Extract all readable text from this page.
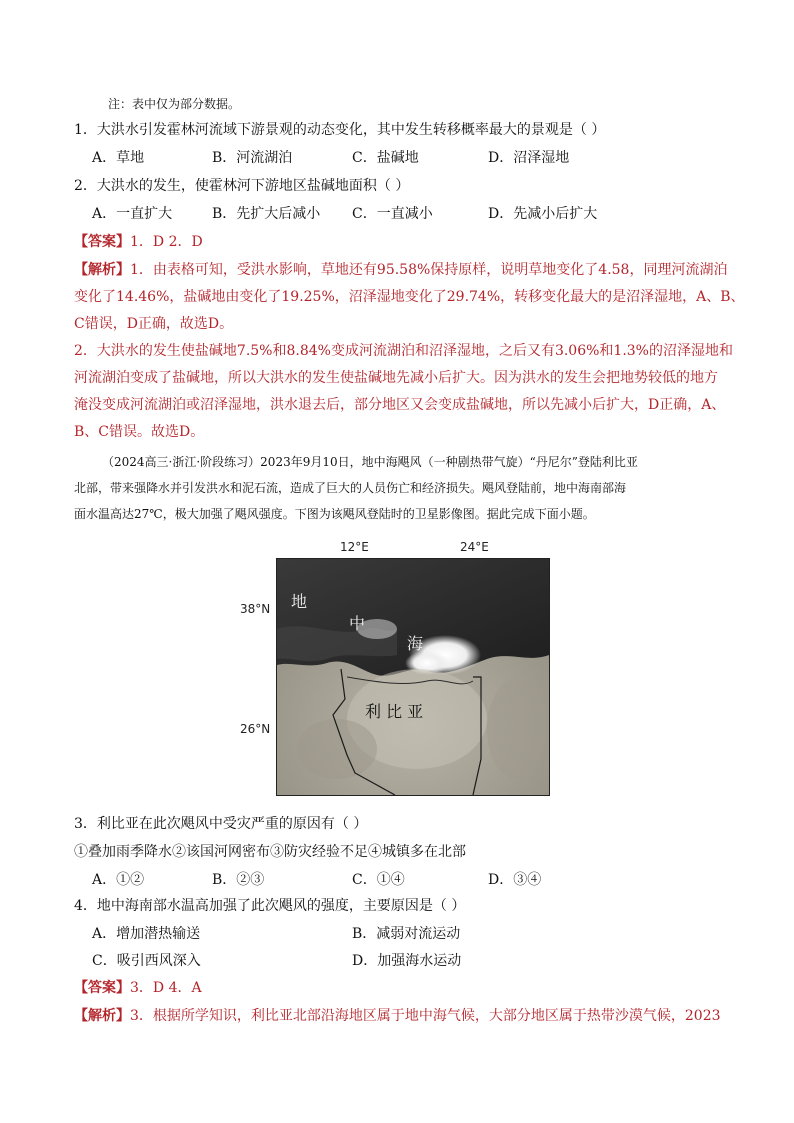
注：表中仅为部分数据。
1．大洪水引发霍林河流域下游景观的动态变化，其中发生转移概率最大的景观是（ ）
A．草地	B．河流湖泊	C．盐碱地	D．沼泽湿地
2．大洪水的发生，使霍林河下游地区盐碱地面积（ ）
A．一直扩大	B．先扩大后减小 C．一直减小	D．先减小后扩大
【答案】1．D 2．D
【解析】1．由表格可知，受洪水影响，草地还有95.58%保持原样，说明草地变化了4.58，同理河流湖泊
变化了14.46%，盐碱地由变化了19.25%，沼泽湿地变化了29.74%，转移变化最大的是沼泽湿地，A、B、
C错误，D正确，故选D。
2．大洪水的发生使盐碱地7.5%和8.84%变成河流湖泊和沼泽湿地，之后又有3.06%和1.3%的沼泽湿地和
河流湖泊变成了盐碱地，所以大洪水的发生使盐碱地先减小后扩大。因为洪水的发生会把地势较低的地方
淹没变成河流湖泊或沼泽湿地，洪水退去后，部分地区又会变成盐碱地，所以先减小后扩大，D正确，A、
B、C错误。故选D。
（2024高三·浙江·阶段练习）2023年9月10日，地中海飓风（一种剧热带气旋）“丹尼尔”登陆利比亚
北部，带来强降水并引发洪水和泥石流，造成了巨大的人员伤亡和经济损失。飓风登陆前，地中海南部海
面水温高达27℃，极大加强了飓风强度。下图为该飓风登陆时的卫星影像图。据此完成下面小题。
12°E	24°E
38°N
26°N
地
中
海
利 比 亚
3．利比亚在此次飓风中受灾严重的原因有（ ）
①叠加雨季降水②该国河网密布③防灾经验不足④城镇多在北部
A．①②	B．②③	C．①④	D．③④
4．地中海南部水温高加强了此次飓风的强度，主要原因是（ ）
A．增加潜热输送	B．减弱对流运动
C．吸引西风深入	D．加强海水运动
【答案】3．D 4．A
【解析】3．根据所学知识，利比亚北部沿海地区属于地中海气候，大部分地区属于热带沙漠气候，2023
